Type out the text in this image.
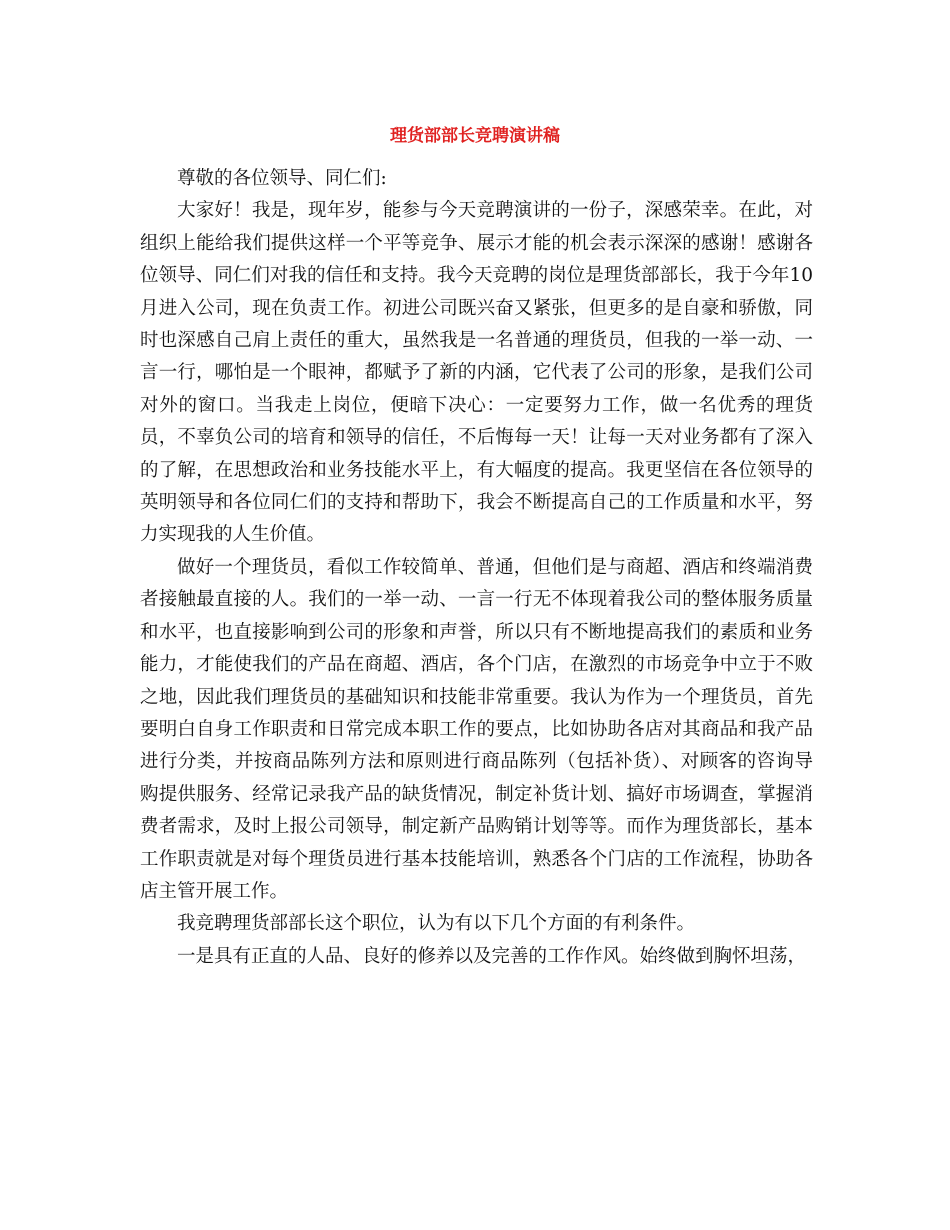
理货部部长竞聘演讲稿

尊敬的各位领导、同仁们:

大家好！我是，现年岁，能参与今天竞聘演讲的一份子，深感荣幸。在此，对组织上能给我们提供这样一个平等竞争、展示才能的机会表示深深的感谢！感谢各位领导、同仁们对我的信任和支持。我今天竞聘的岗位是理货部部长，我于今年10月进入公司，现在负责工作。初进公司既兴奋又紧张，但更多的是自豪和骄傲，同时也深感自己肩上责任的重大，虽然我是一名普通的理货员，但我的一举一动、一言一行，哪怕是一个眼神，都赋予了新的内涵，它代表了公司的形象，是我们公司对外的窗口。当我走上岗位，便暗下决心：一定要努力工作，做一名优秀的理货员，不辜负公司的培育和领导的信任，不后悔每一天！让每一天对业务都有了深入的了解，在思想政治和业务技能水平上，有大幅度的提高。我更坚信在各位领导的英明领导和各位同仁们的支持和帮助下，我会不断提高自己的工作质量和水平，努力实现我的人生价值。

做好一个理货员，看似工作较简单、普通，但他们是与商超、酒店和终端消费者接触最直接的人。我们的一举一动、一言一行无不体现着我公司的整体服务质量和水平，也直接影响到公司的形象和声誉，所以只有不断地提高我们的素质和业务能力，才能使我们的产品在商超、酒店，各个门店，在激烈的市场竞争中立于不败之地，因此我们理货员的基础知识和技能非常重要。我认为作为一个理货员，首先要明白自身工作职责和日常完成本职工作的要点，比如协助各店对其商品和我产品进行分类，并按商品陈列方法和原则进行商品陈列（包括补货）、对顾客的咨询导购提供服务、经常记录我产品的缺货情况，制定补货计划、搞好市场调查，掌握消费者需求，及时上报公司领导，制定新产品购销计划等等。而作为理货部长，基本工作职责就是对每个理货员进行基本技能培训，熟悉各个门店的工作流程，协助各店主管开展工作。

我竞聘理货部部长这个职位，认为有以下几个方面的有利条件。

一是具有正直的人品、良好的修养以及完善的工作作风。始终做到胸怀坦荡，
